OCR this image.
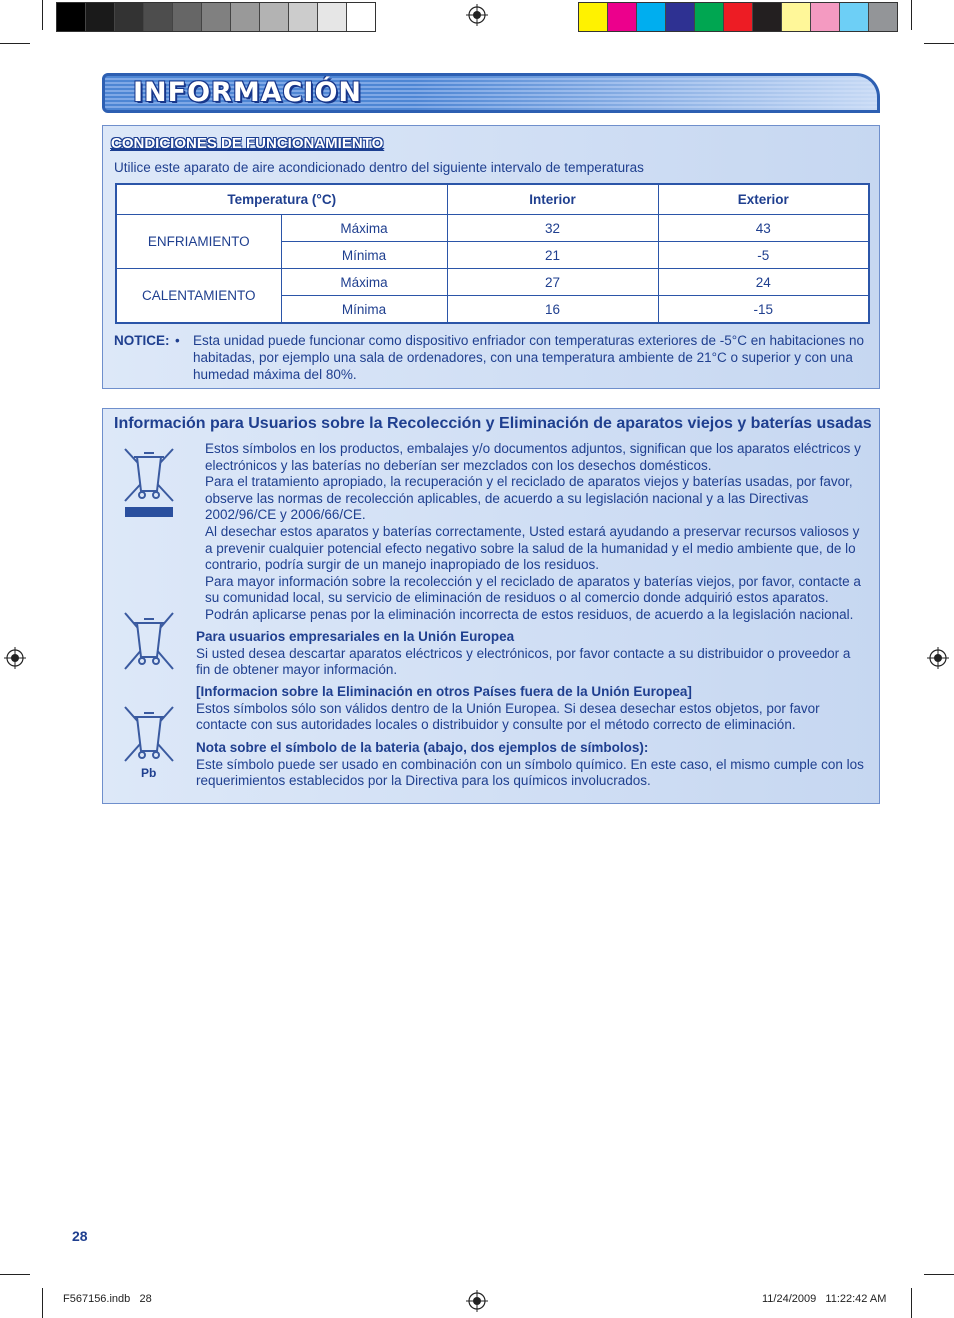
INFORMACIÓN
CONDICIONES DE FUNCIONAMIENTO
Utilice este aparato de aire acondicionado dentro del siguiente intervalo de temperaturas
Temperatura (°C)		Interior	Exterior
ENFRIAMIENTO	Máxima	32	43
	Mínima	21	-5
CALENTAMIENTO	Máxima	27	24
	Mínima	16	-15
NOTICE: • Esta unidad puede funcionar como dispositivo enfriador con temperaturas exteriores de -5°C en habitaciones no habitadas, por ejemplo una sala de ordenadores, con una temperatura ambiente de 21°C o superior y con una humedad máxima del 80%.
Información para Usuarios sobre la Recolección y Eliminación de aparatos viejos y baterías usadas
Pb
Estos símbolos en los productos, embalajes y/o documentos adjuntos, significan que los aparatos eléctricos y electrónicos y las baterías no deberían ser mezclados con los desechos domésticos.
Para el tratamiento apropiado, la recuperación y el reciclado de aparatos viejos y baterías usadas, por favor, observe las normas de recolección aplicables, de acuerdo a su legislación nacional y a las Directivas 2002/96/CE y 2006/66/CE.
Al desechar estos aparatos y baterías correctamente, Usted estará ayudando a preservar recursos valiosos y a prevenir cualquier potencial efecto negativo sobre la salud de la humanidad y el medio ambiente que, de lo contrario, podría surgir de un manejo inapropiado de los residuos.
Para mayor información sobre la recolección y el reciclado de aparatos y baterías viejos, por favor, contacte a su comunidad local, su servicio de eliminación de residuos o al comercio donde adquirió estos aparatos.
Podrán aplicarse penas por la eliminación incorrecta de estos residuos, de acuerdo a la legislación nacional.
Para usuarios empresariales en la Unión Europea
Si usted desea descartar aparatos eléctricos y electrónicos, por favor contacte a su distribuidor o proveedor a fin de obtener mayor información.
[Informacion sobre la Eliminación en otros Países fuera de la Unión Europea]
Estos símbolos sólo son válidos dentro de la Unión Europea. Si desea desechar estos objetos, por favor contacte con sus autoridades locales o distribuidor y consulte por el método correcto de eliminación.
Nota sobre el símbolo de la bateria (abajo, dos ejemplos de símbolos):
Este símbolo puede ser usado en combinación con un símbolo químico. En este caso, el mismo cumple con los requerimientos establecidos por la Directiva para los químicos involucrados.
28
F567156.indb   28	11/24/2009   11:22:42 AM
